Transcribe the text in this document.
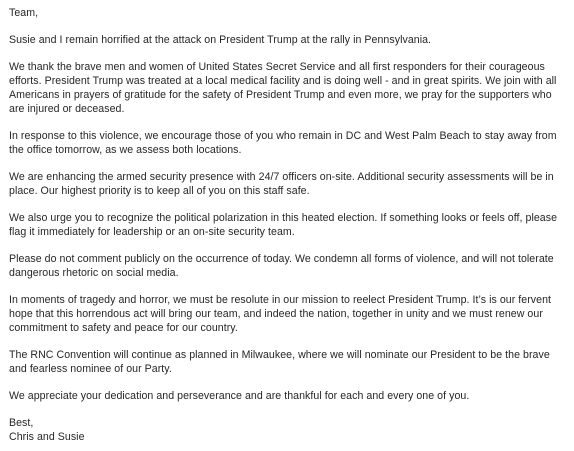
Team,

Susie and I remain horrified at the attack on President Trump at the rally in Pennsylvania.

We thank the brave men and women of United States Secret Service and all first responders for their courageous efforts. President Trump was treated at a local medical facility and is doing well - and in great spirits. We join with all Americans in prayers of gratitude for the safety of President Trump and even more, we pray for the supporters who are injured or deceased.

In response to this violence, we encourage those of you who remain in DC and West Palm Beach to stay away from the office tomorrow, as we assess both locations.

We are enhancing the armed security presence with 24/7 officers on-site. Additional security assessments will be in place. Our highest priority is to keep all of you on this staff safe.

We also urge you to recognize the political polarization in this heated election. If something looks or feels off, please flag it immediately for leadership or an on-site security team.

Please do not comment publicly on the occurrence of today. We condemn all forms of violence, and will not tolerate dangerous rhetoric on social media.

In moments of tragedy and horror, we must be resolute in our mission to reelect President Trump. It’s is our fervent hope that this horrendous act will bring our team, and indeed the nation, together in unity and we must renew our commitment to safety and peace for our country.

The RNC Convention will continue as planned in Milwaukee, where we will nominate our President to be the brave and fearless nominee of our Party.

We appreciate your dedication and perseverance and are thankful for each and every one of you.

Best,

Chris and Susie
